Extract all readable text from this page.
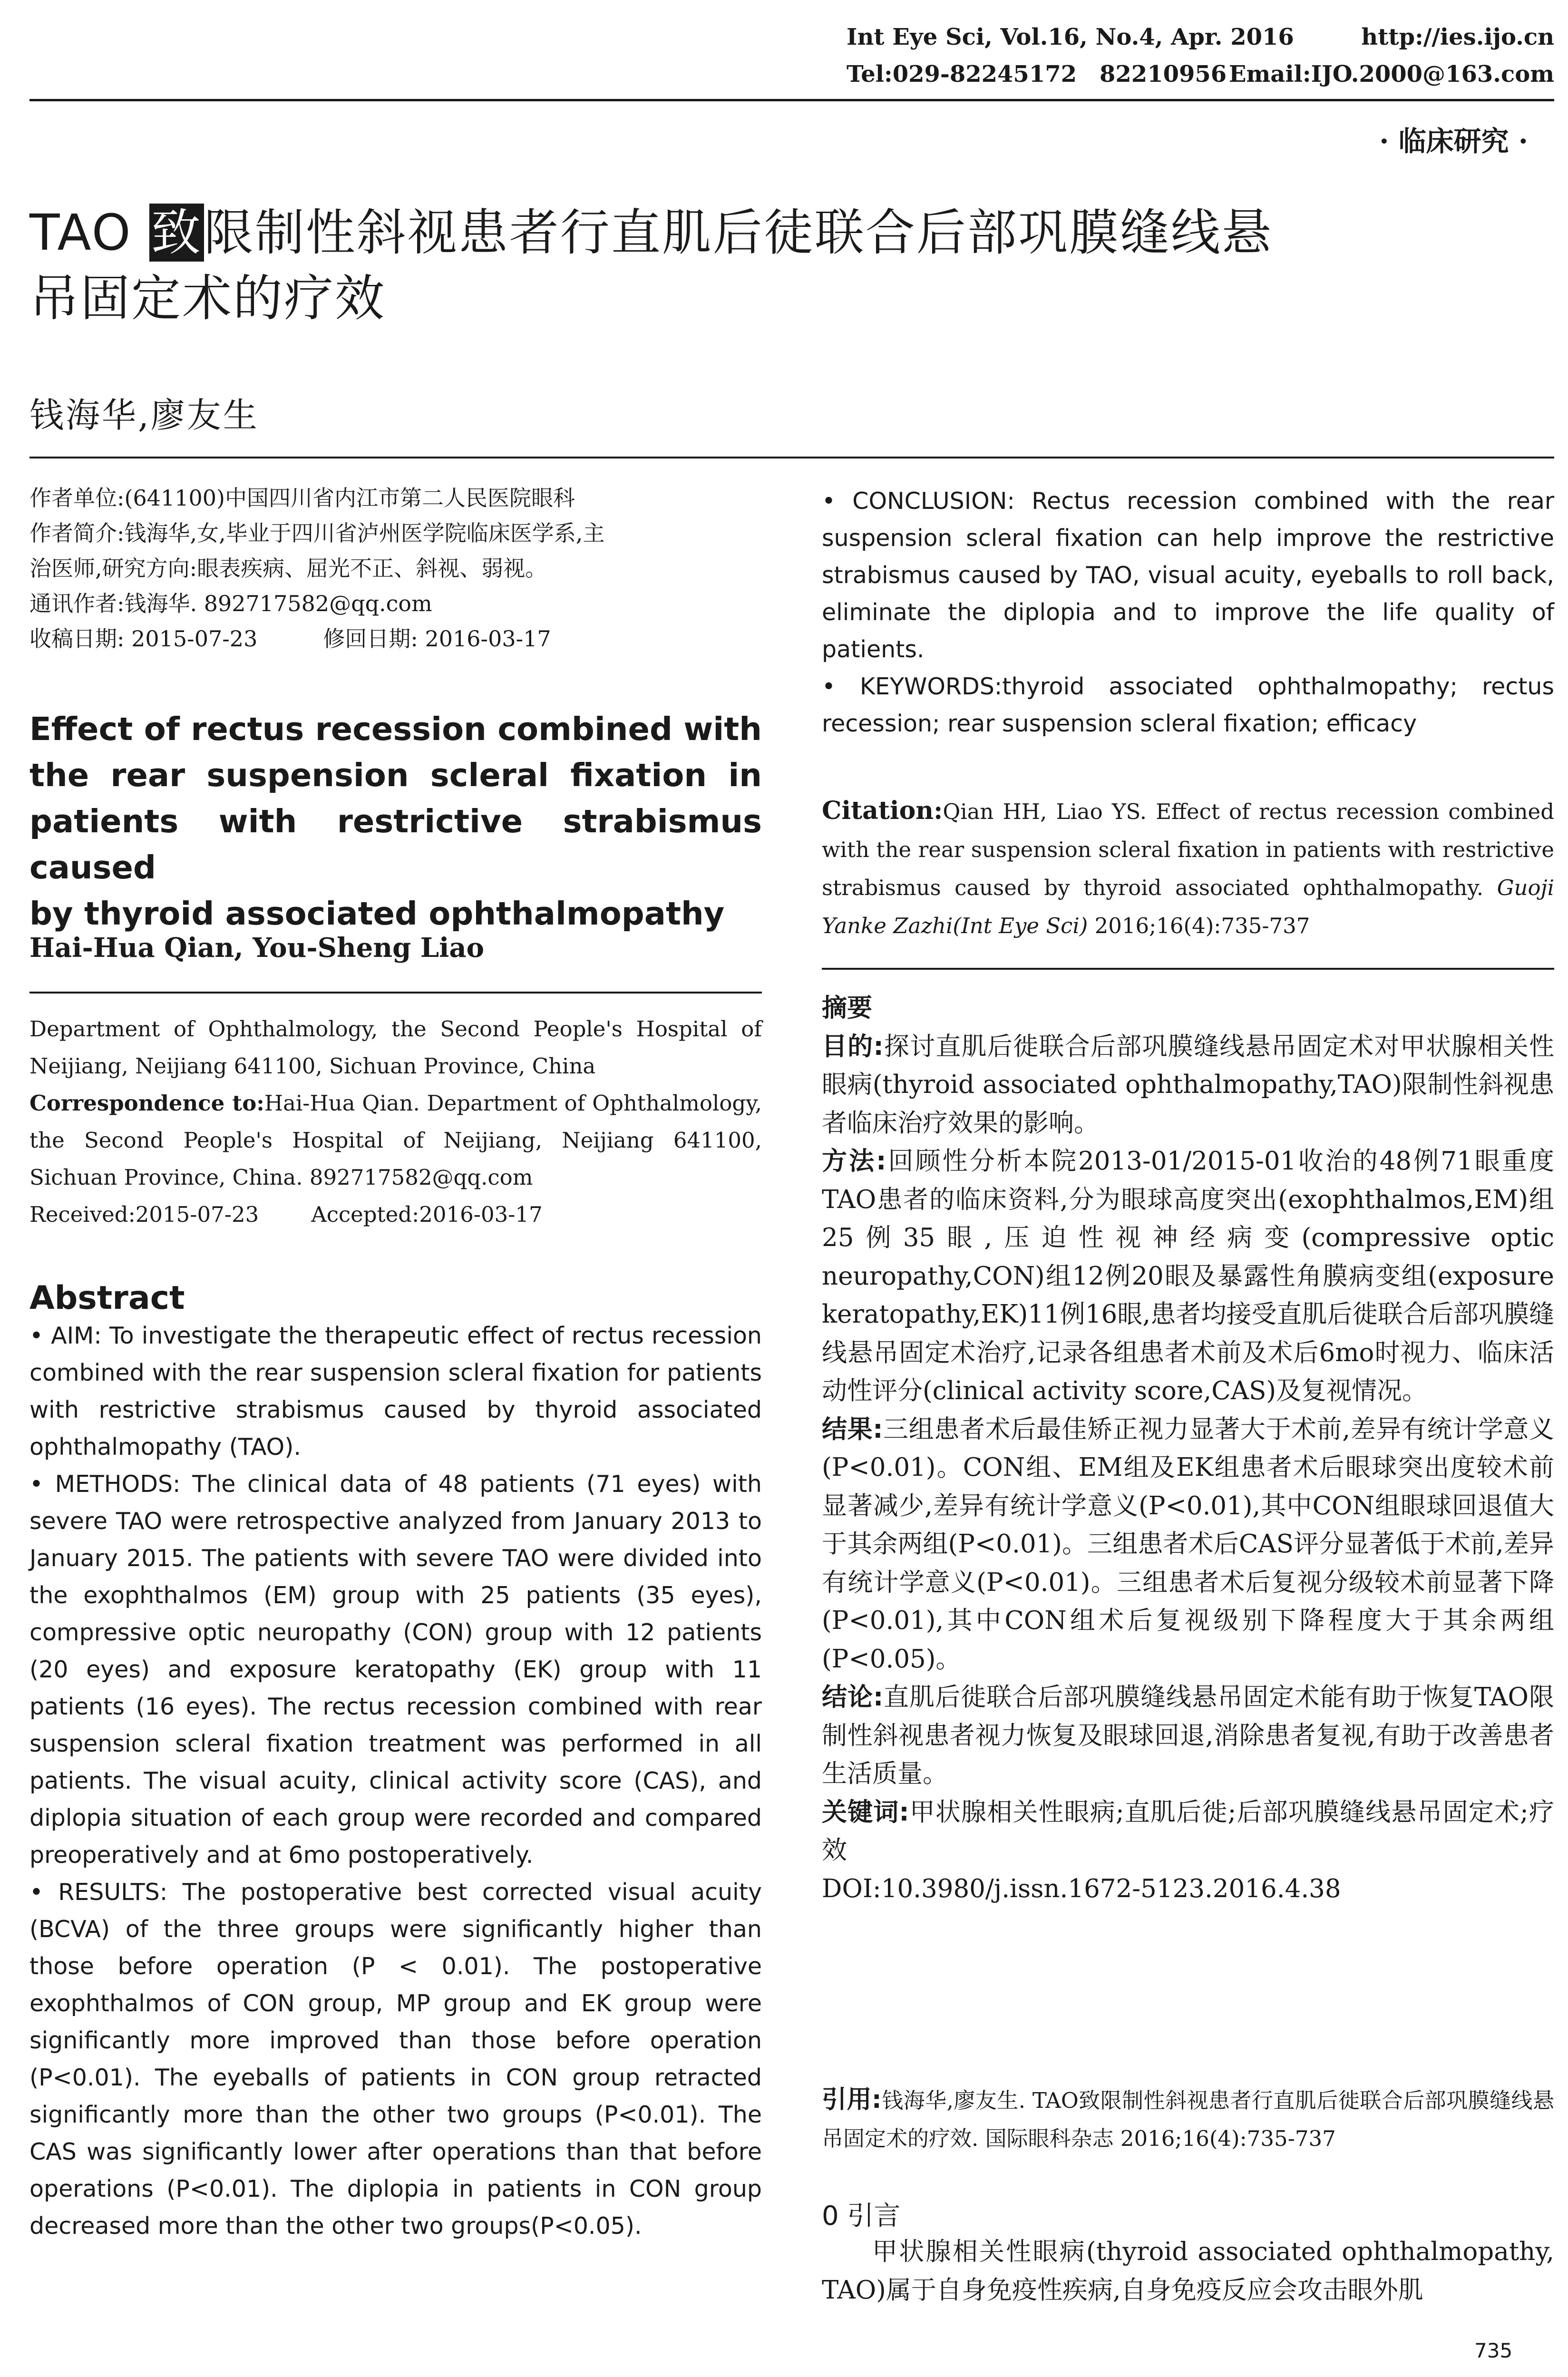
Int Eye Sci, Vol.16, No.4, Apr. 2016	http://ies.ijo.cn
Tel:029-82245172　82210956 Email:IJO.2000@163.com
· 临床研究 ·
TAO 致限制性斜视患者行直肌后徒联合后部巩膜缝线悬
吊固定术的疗效
钱海华,廖友生
作者单位:(641100)中国四川省内江市第二人民医院眼科
作者简介:钱海华,女,毕业于四川省泸州医学院临床医学系,主
治医师,研究方向:眼表疾病、屈光不正、斜视、弱视。
通讯作者:钱海华. 892717582@qq.com
收稿日期: 2015-07-23　　　修回日期: 2016-03-17
Effect of rectus recession combined with
the rear suspension scleral fixation in
patients with restrictive strabismus caused
by thyroid associated ophthalmopathy
Hai-Hua Qian, You-Sheng Liao
Department of Ophthalmology, the Second People's Hospital of Neijiang, Neijiang 641100, Sichuan Province, China
Correspondence to:Hai-Hua Qian. Department of Ophthalmology, the Second People's Hospital of Neijiang, Neijiang 641100, Sichuan Province, China. 892717582@qq.com
Received:2015-07-23 Accepted:2016-03-17
Abstract

• AIM: To investigate the therapeutic effect of rectus recession combined with the rear suspension scleral fixation for patients with restrictive strabismus caused by thyroid associated ophthalmopathy (TAO).

• METHODS: The clinical data of 48 patients (71 eyes) with severe TAO were retrospective analyzed from January 2013 to January 2015. The patients with severe TAO were divided into the exophthalmos (EM) group with 25 patients (35 eyes), compressive optic neuropathy (CON) group with 12 patients (20 eyes) and exposure keratopathy (EK) group with 11 patients (16 eyes). The rectus recession combined with rear suspension scleral fixation treatment was performed in all patients. The visual acuity, clinical activity score (CAS), and diplopia situation of each group were recorded and compared preoperatively and at 6mo postoperatively.

• RESULTS: The postoperative best corrected visual acuity (BCVA) of the three groups were significantly higher than those before operation (P < 0.01). The postoperative exophthalmos of CON group, MP group and EK group were significantly more improved than those before operation (P<0.01). The eyeballs of patients in CON group retracted significantly more than the other two groups (P<0.01). The CAS was significantly lower after operations than that before operations (P<0.01). The diplopia in patients in CON group decreased more than the other two groups(P<0.05).

• CONCLUSION: Rectus recession combined with the rear suspension scleral fixation can help improve the restrictive strabismus caused by TAO, visual acuity, eyeballs to roll back, eliminate the diplopia and to improve the life quality of patients.

• KEYWORDS:thyroid associated ophthalmopathy; rectus recession; rear suspension scleral fixation; efficacy

Citation:Qian HH, Liao YS. Effect of rectus recession combined with the rear suspension scleral fixation in patients with restrictive strabismus caused by thyroid associated ophthalmopathy. Guoji Yanke Zazhi(Int Eye Sci) 2016;16(4):735-737

摘要

目的:探讨直肌后徙联合后部巩膜缝线悬吊固定术对甲状腺相关性眼病(thyroid associated ophthalmopathy,TAO)限制性斜视患者临床治疗效果的影响。

方法:回顾性分析本院2013-01/2015-01收治的48例71眼重度TAO患者的临床资料,分为眼球高度突出(exophthalmos,EM)组25例35眼,压迫性视神经病变(compressive optic neuropathy,CON)组12例20眼及暴露性角膜病变组(exposure keratopathy,EK)11例16眼,患者均接受直肌后徙联合后部巩膜缝线悬吊固定术治疗,记录各组患者术前及术后6mo时视力、临床活动性评分(clinical activity score,CAS)及复视情况。

结果:三组患者术后最佳矫正视力显著大于术前,差异有统计学意义(P<0.01)。CON组、EM组及EK组患者术后眼球突出度较术前显著减少,差异有统计学意义(P<0.01),其中CON组眼球回退值大于其余两组(P<0.01)。三组患者术后CAS评分显著低于术前,差异有统计学意义(P<0.01)。三组患者术后复视分级较术前显著下降(P<0.01),其中CON组术后复视级别下降程度大于其余两组(P<0.05)。

结论:直肌后徙联合后部巩膜缝线悬吊固定术能有助于恢复TAO限制性斜视患者视力恢复及眼球回退,消除患者复视,有助于改善患者生活质量。

关键词:甲状腺相关性眼病;直肌后徙;后部巩膜缝线悬吊固定术;疗效

DOI:10.3980/j.issn.1672-5123.2016.4.38

引用:钱海华,廖友生. TAO致限制性斜视患者行直肌后徙联合后部巩膜缝线悬吊固定术的疗效. 国际眼科杂志 2016;16(4):735-737
0 引言
甲状腺相关性眼病(thyroid associated ophthalmopathy, TAO)属于自身免疫性疾病,自身免疫反应会攻击眼外肌
735
